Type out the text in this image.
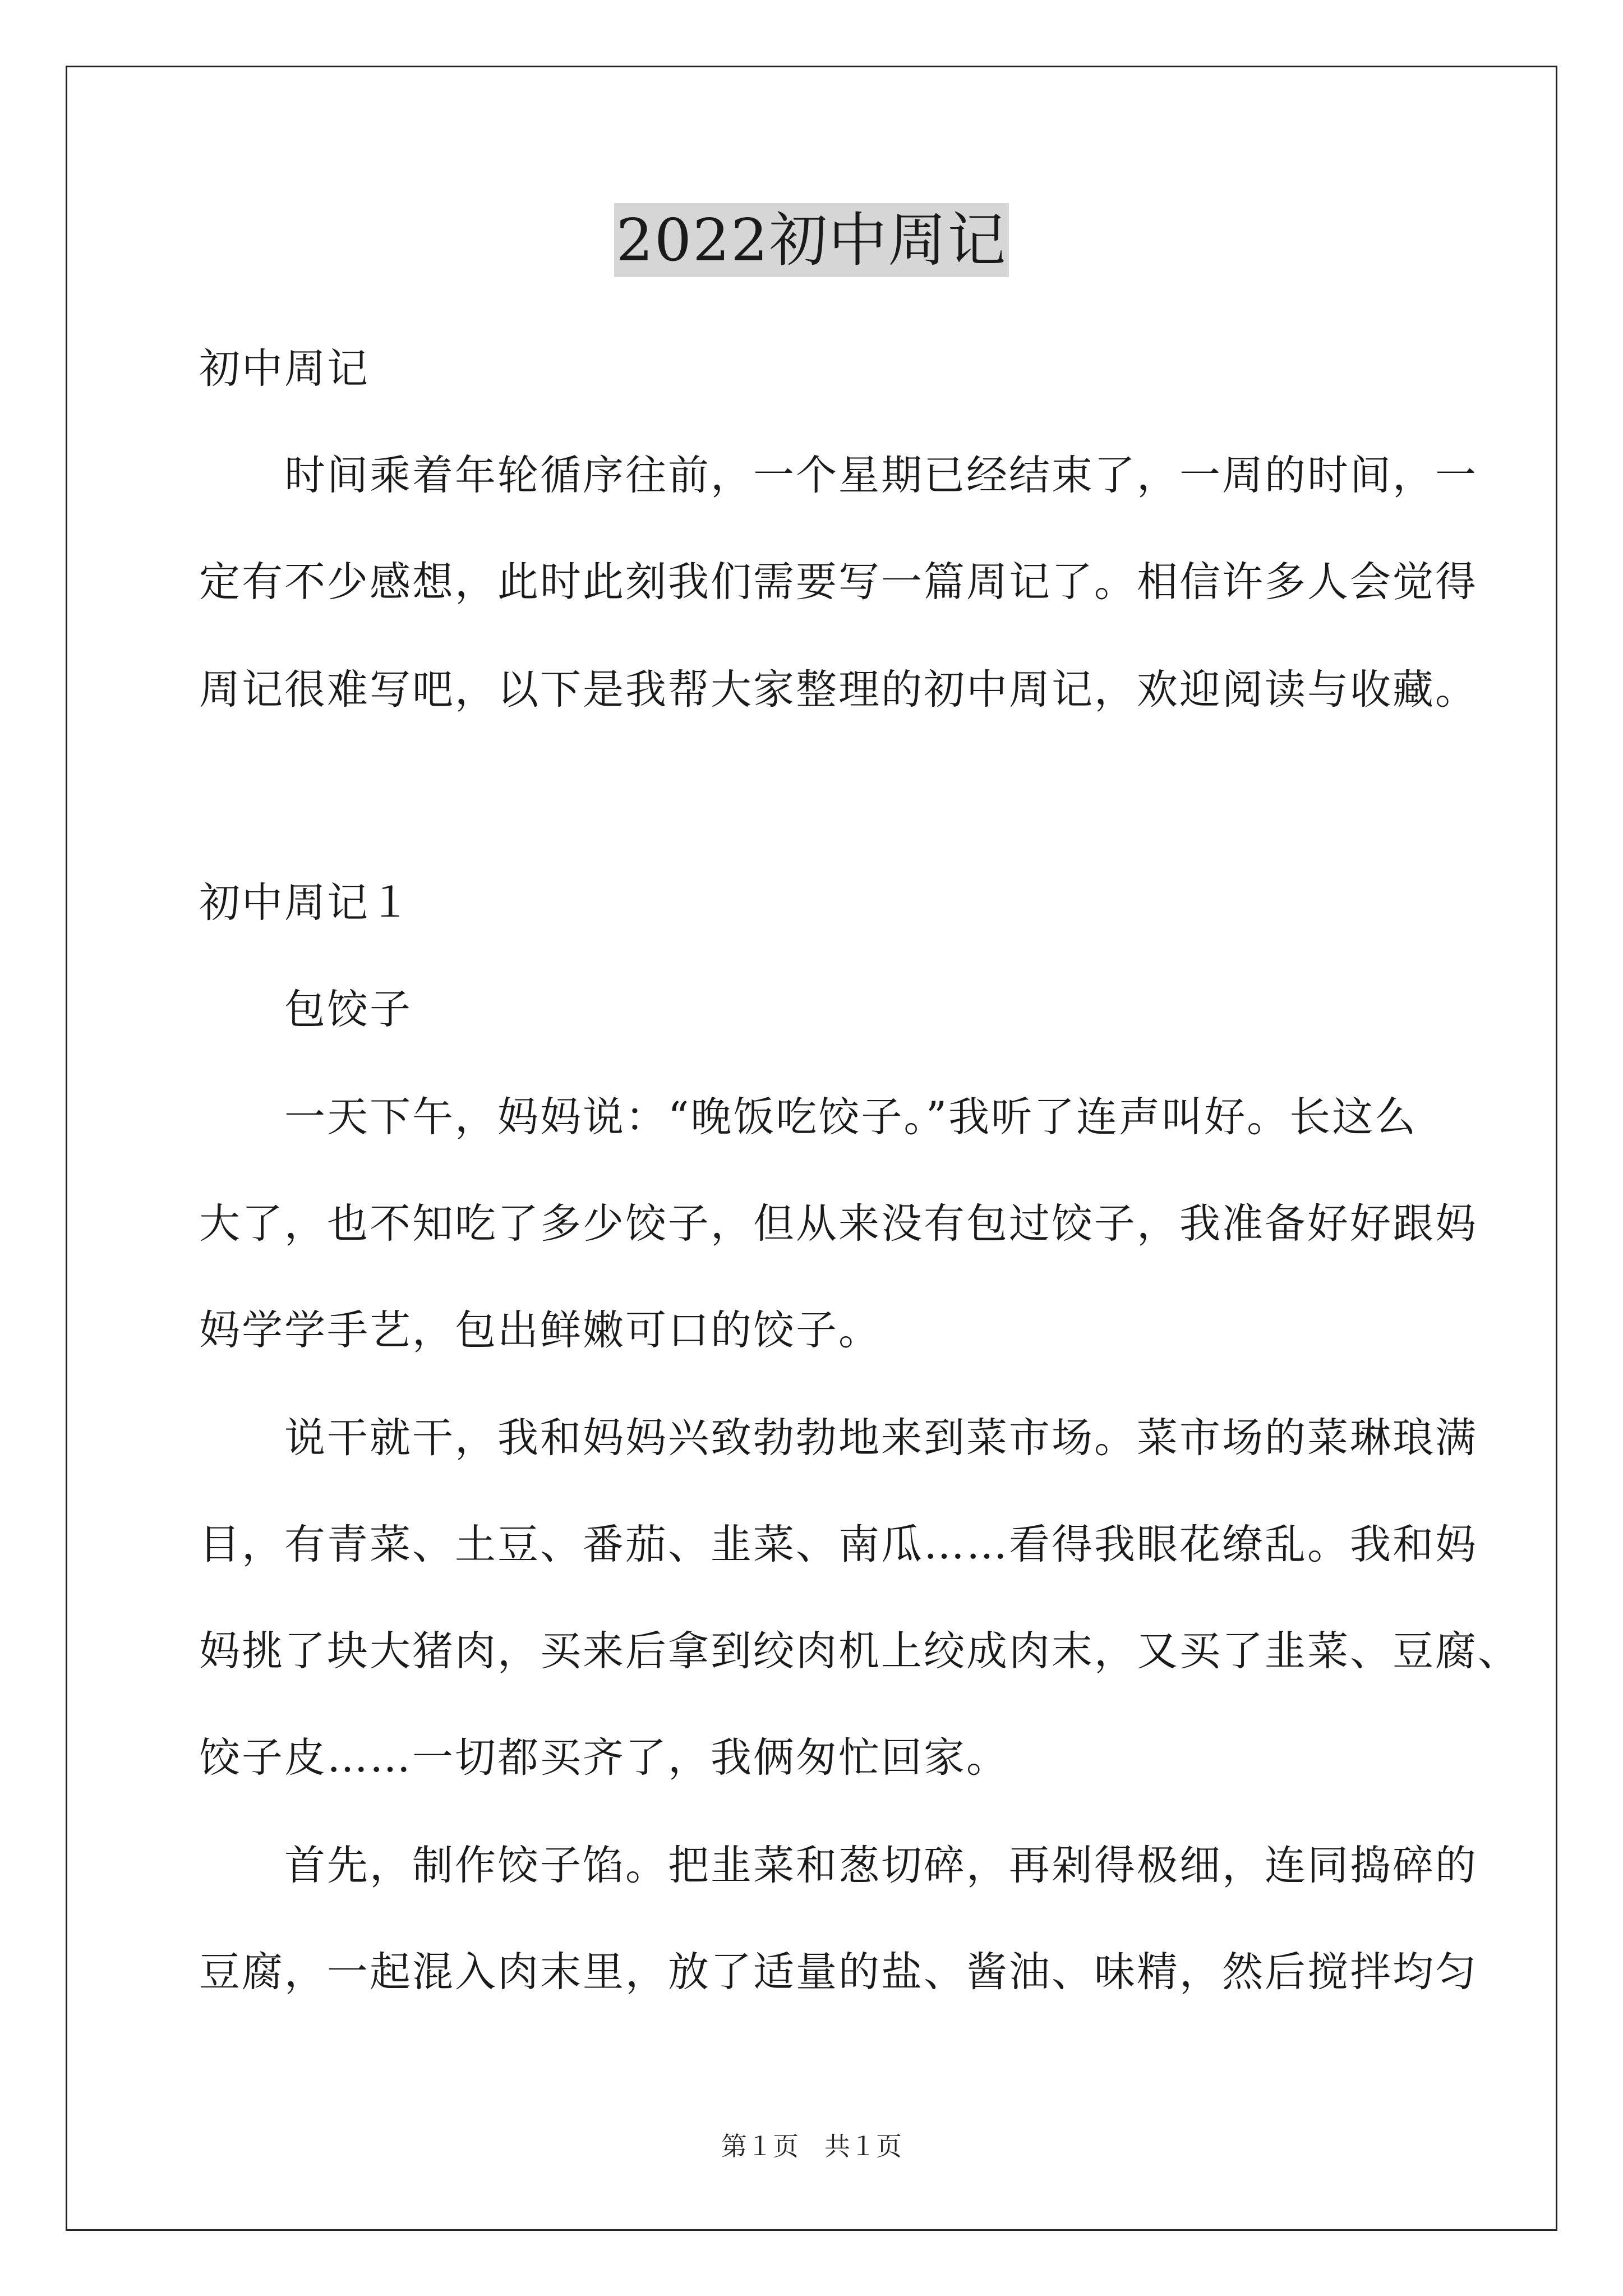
2022初中周记
初中周记
　　时间乘着年轮循序往前，一个星期已经结束了，一周的时间，一
定有不少感想，此时此刻我们需要写一篇周记了。相信许多人会觉得
周记很难写吧，以下是我帮大家整理的初中周记，欢迎阅读与收藏。
初中周记１
　　包饺子
　　一天下午，妈妈说：“晚饭吃饺子。”我听了连声叫好。长这么
大了，也不知吃了多少饺子，但从来没有包过饺子，我准备好好跟妈
妈学学手艺，包出鲜嫩可口的饺子。
　　说干就干，我和妈妈兴致勃勃地来到菜市场。菜市场的菜琳琅满
目，有青菜、土豆、番茄、韭菜、南瓜……看得我眼花缭乱。我和妈
妈挑了块大猪肉，买来后拿到绞肉机上绞成肉末，又买了韭菜、豆腐、
饺子皮……一切都买齐了，我俩匆忙回家。
　　首先，制作饺子馅。把韭菜和葱切碎，再剁得极细，连同捣碎的
豆腐，一起混入肉末里，放了适量的盐、酱油、味精，然后搅拌均匀
第１页　共１页
